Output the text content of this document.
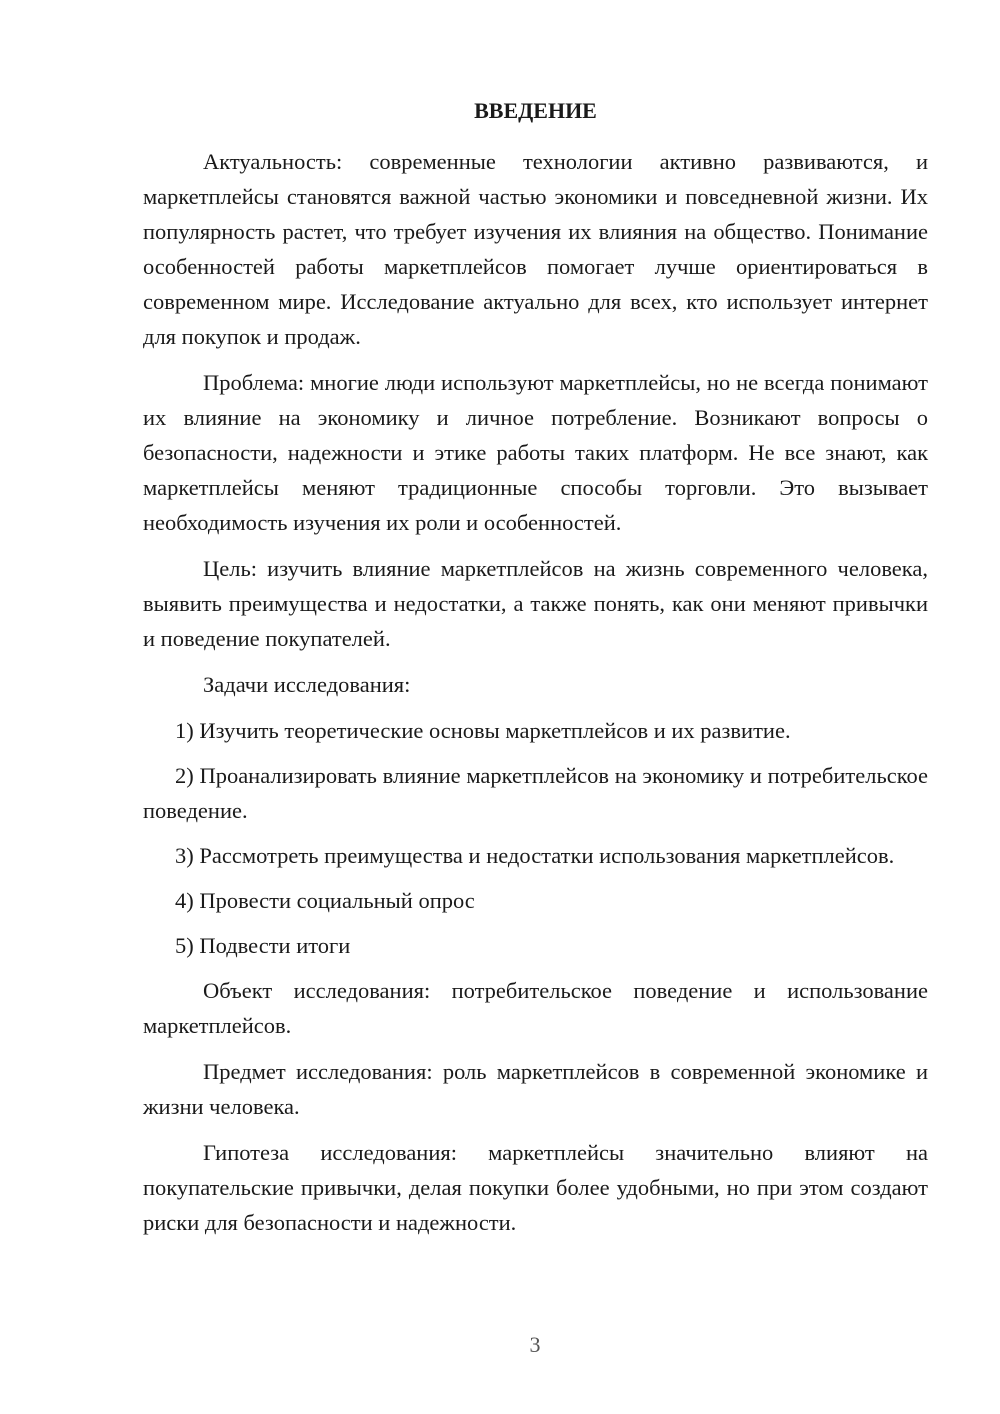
ВВЕДЕНИЕ

Актуальность: современные технологии активно развиваются, и маркетплейсы становятся важной частью экономики и повседневной жизни. Их популярность растет, что требует изучения их влияния на общество. Понимание особенностей работы маркетплейсов помогает лучше ориентироваться в современном мире. Исследование актуально для всех, кто использует интернет для покупок и продаж.

Проблема: многие люди используют маркетплейсы, но не всегда понимают их влияние на экономику и личное потребление. Возникают вопросы о безопасности, надежности и этике работы таких платформ. Не все знают, как маркетплейсы меняют традиционные способы торговли. Это вызывает необходимость изучения их роли и особенностей.

Цель: изучить влияние маркетплейсов на жизнь современного человека, выявить преимущества и недостатки, а также понять, как они меняют привычки и поведение покупателей.

Задачи исследования:

1) Изучить теоретические основы маркетплейсов и их развитие.

2) Проанализировать влияние маркетплейсов на экономику и потребительское поведение.

3) Рассмотреть преимущества и недостатки использования маркетплейсов.

4) Провести социальный опрос

5) Подвести итоги

Объект исследования: потребительское поведение и использование маркетплейсов.

Предмет исследования: роль маркетплейсов в современной экономике и жизни человека.

Гипотеза исследования: маркетплейсы значительно влияют на покупательские привычки, делая покупки более удобными, но при этом создают риски для безопасности и надежности.

3
